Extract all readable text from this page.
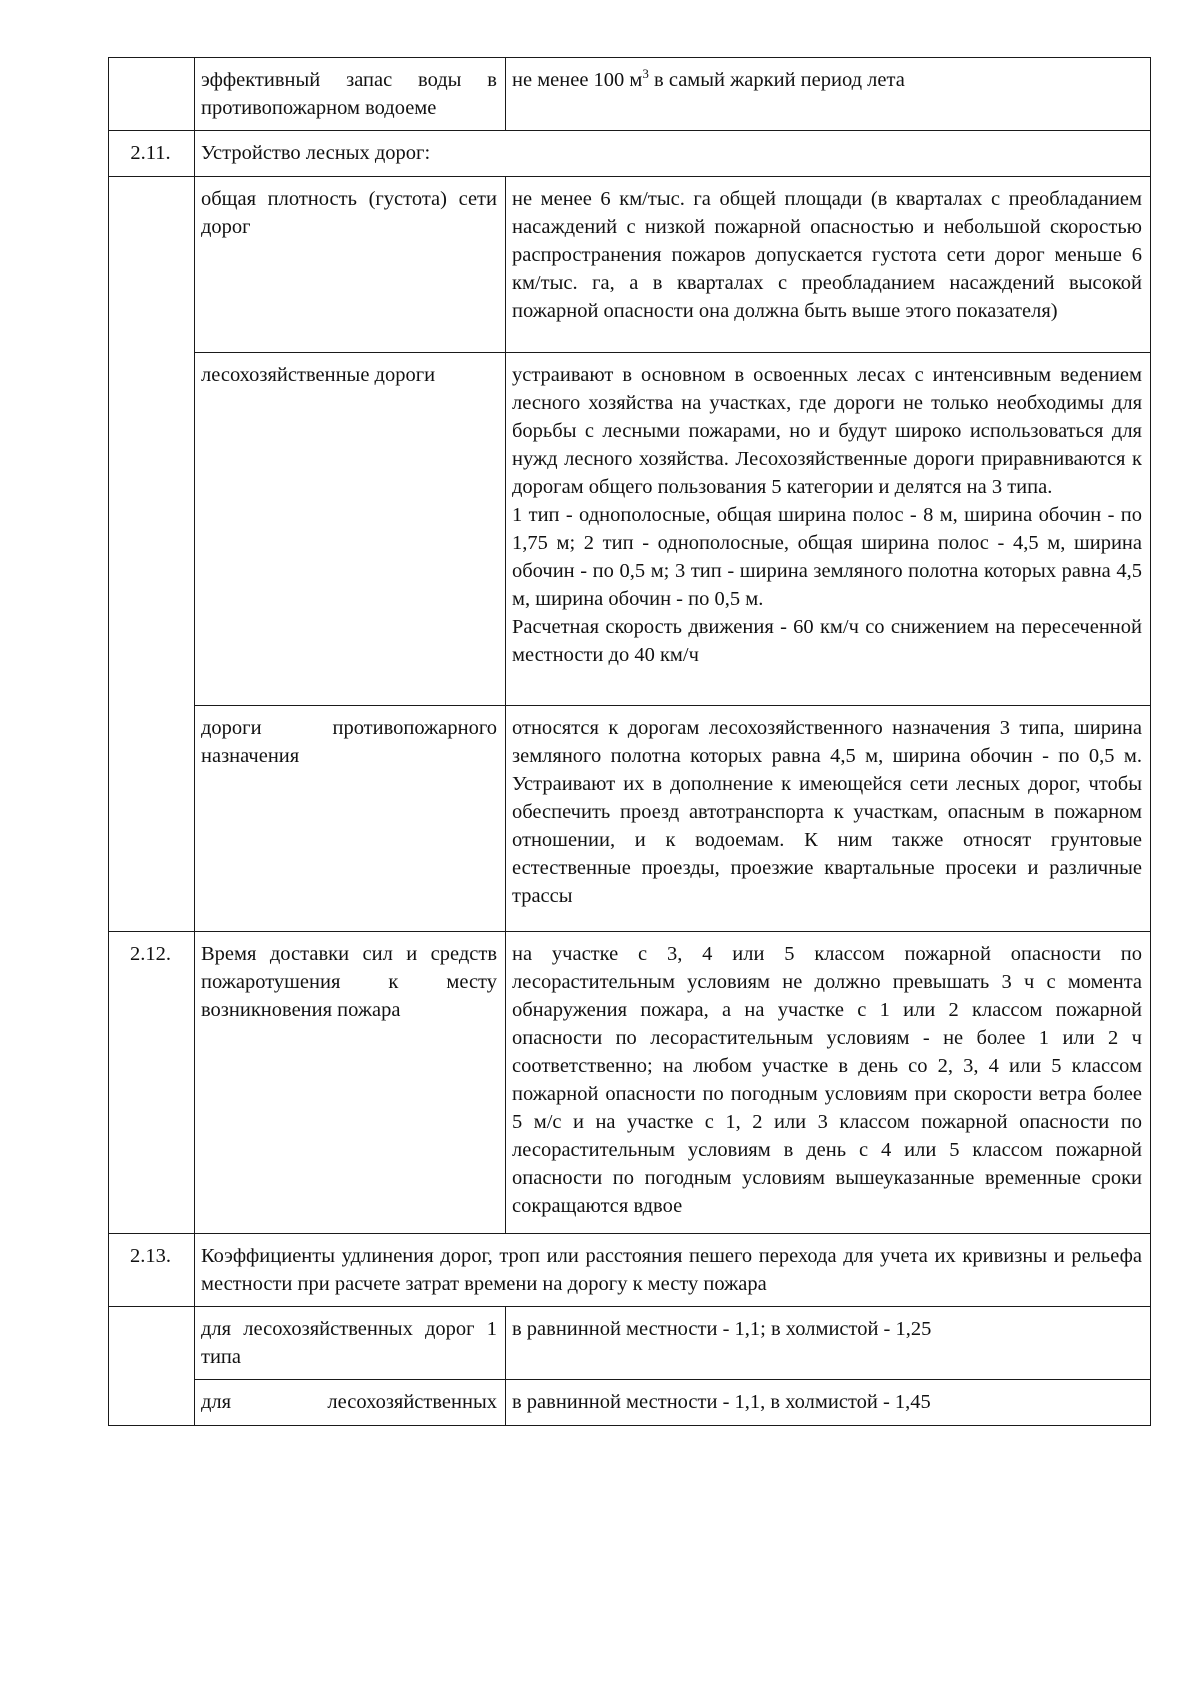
	эффективный запас воды в противопожарном водоеме	не менее 100 $м^3$ в самый жаркий период лета
2.11.	Устройство лесных дорог:	
	общая плотность (густота) сети дорог	не менее 6 км/тыс. га общей площади (в кварталах с преобладанием насаждений с низкой пожарной опасностью и небольшой скоростью распространения пожаров допускается густота сети дорог меньше 6 км/тыс. га, а в кварталах с преобладанием насаждений высокой пожарной опасности она должна быть выше этого показателя)
	лесохозяйственные дороги	устраивают в основном в освоенных лесах с интенсивным ведением лесного хозяйства на участках, где дороги не только необходимы для борьбы с лесными пожарами, но и будут широко использоваться для нужд лесного хозяйства. Лесохозяйственные дороги приравниваются к дорогам общего пользования 5 категории и делятся на 3 типа.

1 тип - однополосные, общая ширина полос - 8 м, ширина обочин - по 1,75 м; 2 тип - однополосные, общая ширина полос - 4,5 м, ширина обочин - по 0,5 м; 3 тип - ширина земляного полотна которых равна 4,5 м, ширина обочин - по 0,5 м.

Расчетная скорость движения - 60 км/ч со снижением на пересеченной местности до 40 км/ч

	дороги противопожарного назначения	относятся к дорогам лесохозяйственного назначения 3 типа, ширина земляного полотна которых равна 4,5 м, ширина обочин - по 0,5 м. Устраивают их в дополнение к имеющейся сети лесных дорог, чтобы обеспечить проезд автотранспорта к участкам, опасным в пожарном отношении, и к водоемам. К ним также относят грунтовые естественные проезды, проезжие квартальные просеки и различные трассы
2.12.	Время доставки сил и средств пожаротушения к месту возникновения пожара	на участке с 3, 4 или 5 классом пожарной опасности по лесорастительным условиям не должно превышать 3 ч с момента обнаружения пожара, а на участке с 1 или 2 классом пожарной опасности по лесорастительным условиям - не более 1 или 2 ч соответственно; на любом участке в день со 2, 3, 4 или 5 классом пожарной опасности по погодным условиям при скорости ветра более 5 м/с и на участке с 1, 2 или 3 классом пожарной опасности по лесорастительным условиям в день с 4 или 5 классом пожарной опасности по погодным условиям вышеуказанные временные сроки сокращаются вдвое
2.13.	Коэффициенты удлинения дорог, троп или расстояния пешего перехода для учета их кривизны и рельефа местности при расчете затрат времени на дорогу к месту пожара	
	для лесохозяйственных дорог 1 типа	в равнинной местности - 1,1; в холмистой - 1,25
	для лесохозяйственных	в равнинной местности - 1,1, в холмистой - 1,45
